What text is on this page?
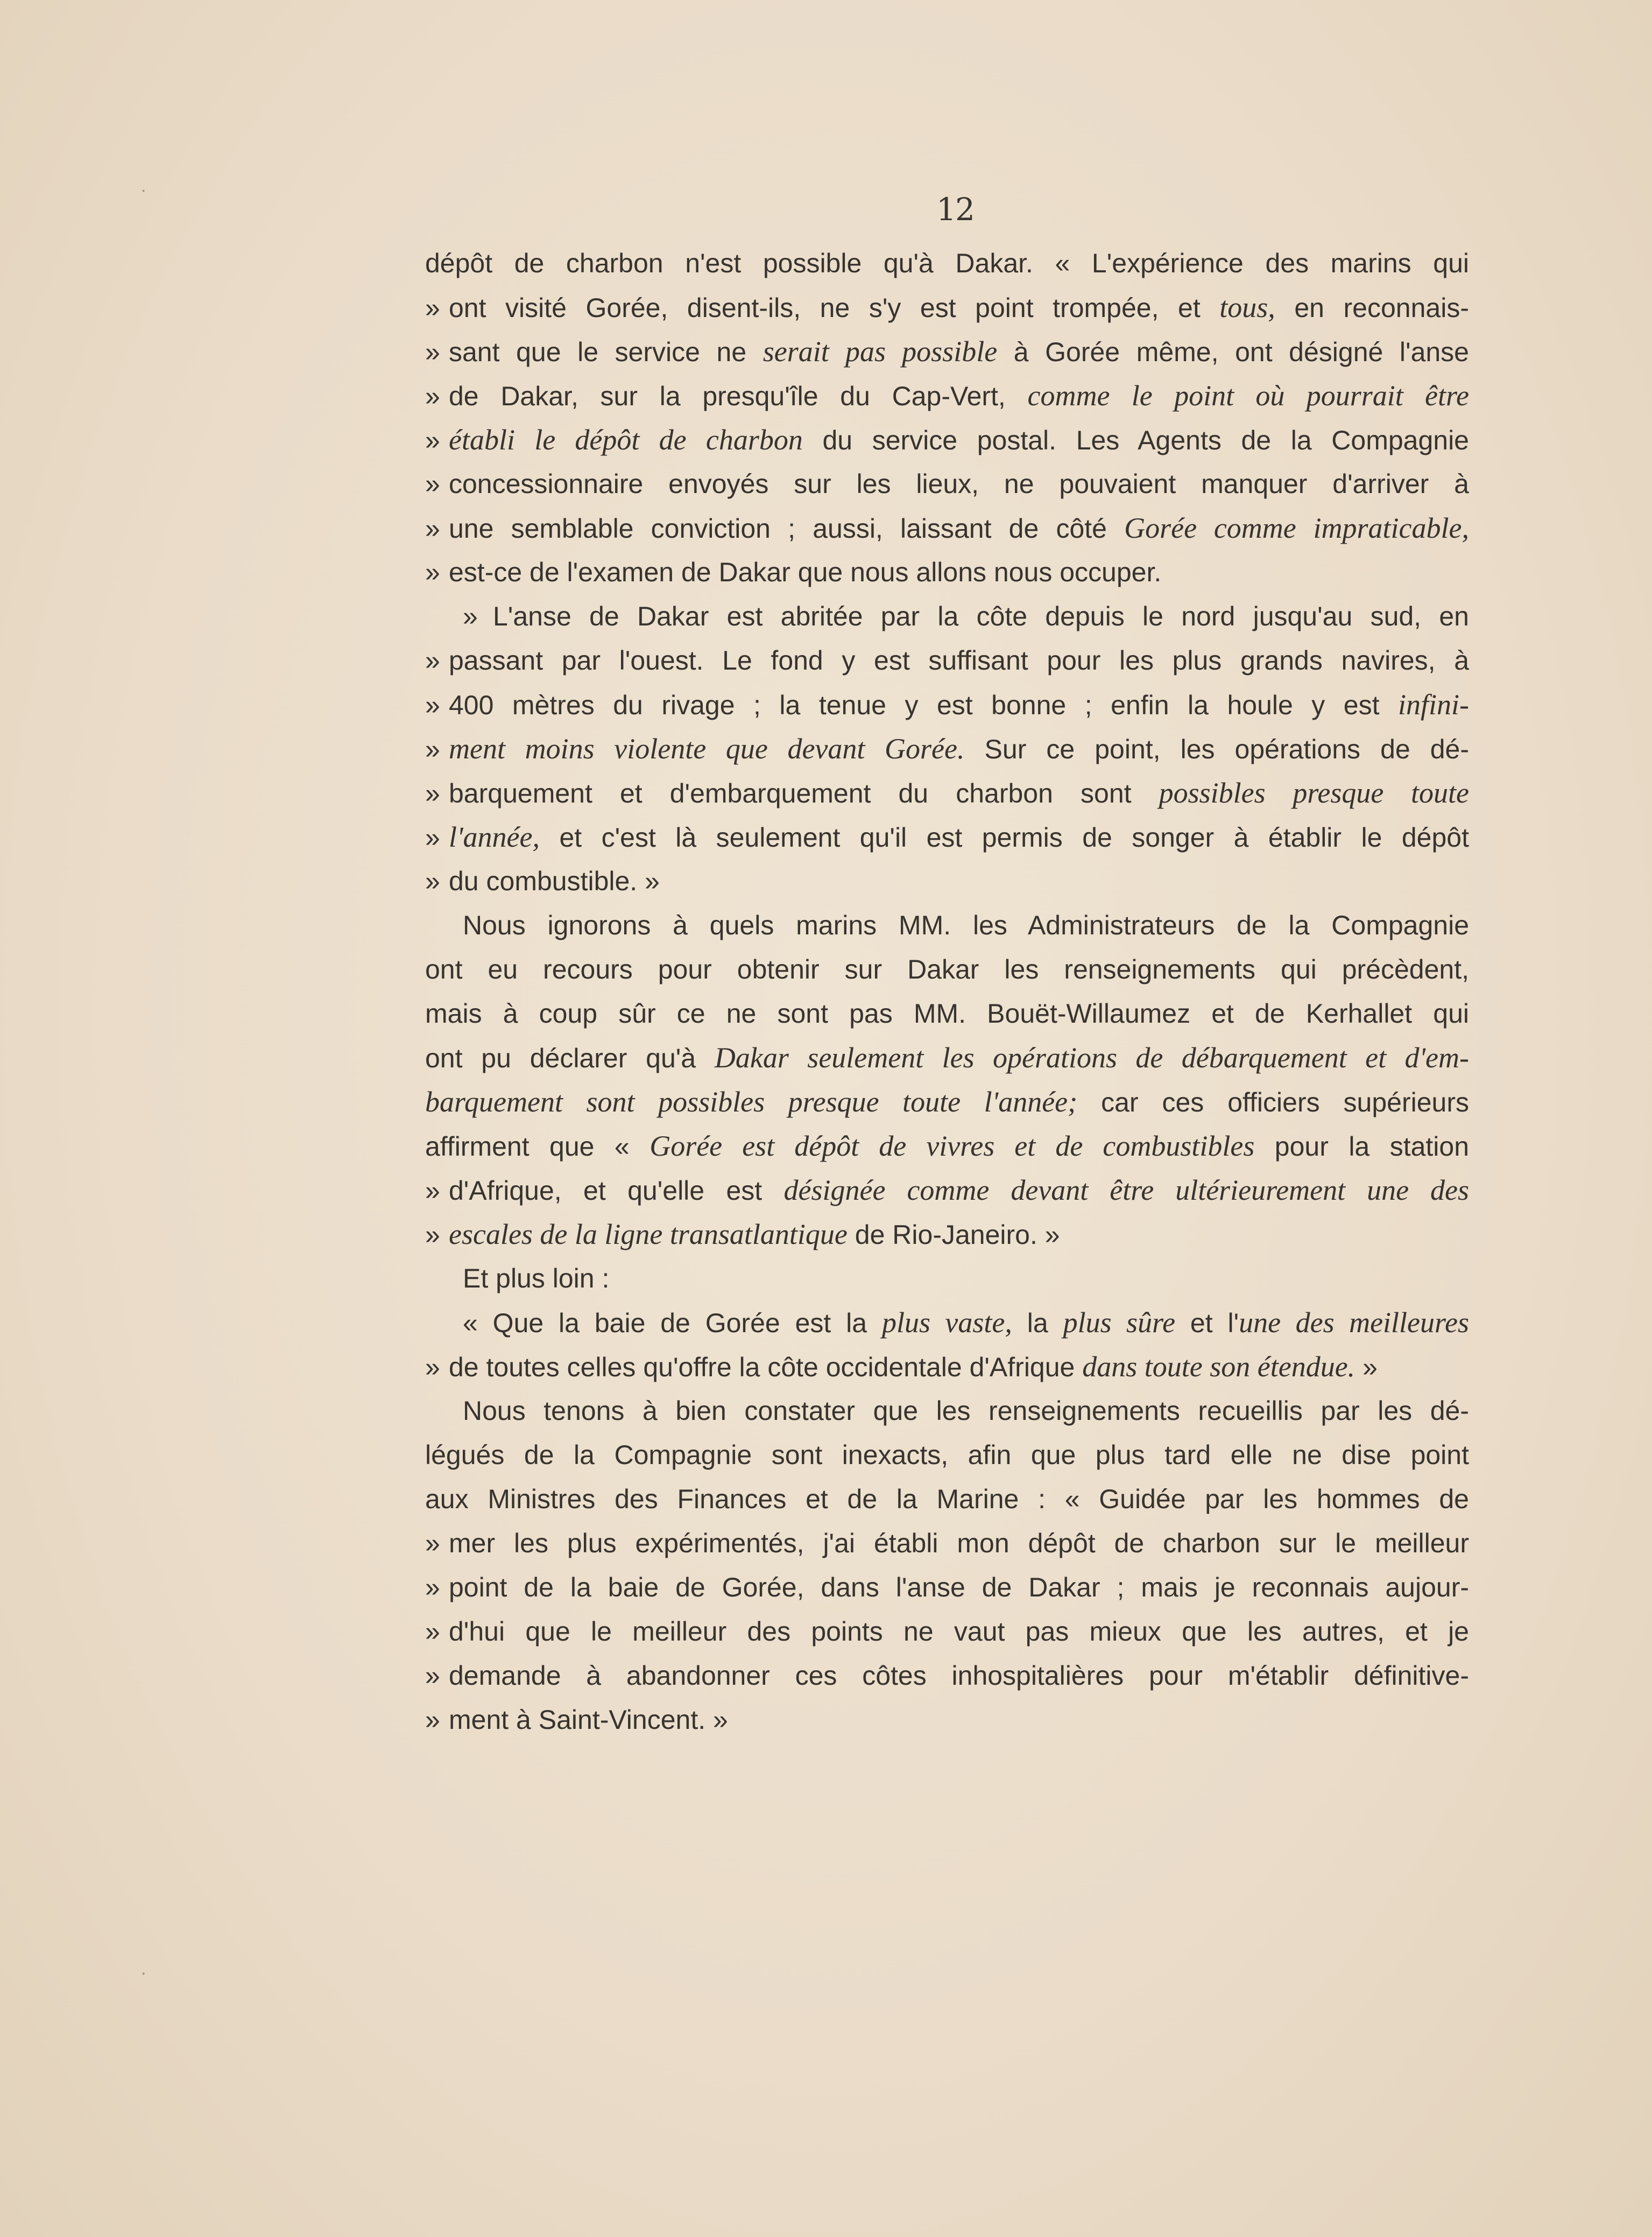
12
dépôt de charbon n'est possible qu'à Dakar. « L'expérience des marins qui
» ont visité Gorée, disent-ils, ne s'y est point trompée, et tous, en reconnais-
» sant que le service ne serait pas possible à Gorée même, ont désigné l'anse
» de Dakar, sur la presqu'île du Cap-Vert, comme le point où pourrait être
» établi le dépôt de charbon du service postal. Les Agents de la Compagnie
» concessionnaire envoyés sur les lieux, ne pouvaient manquer d'arriver à
» une semblable conviction ; aussi, laissant de côté Gorée comme impraticable,
» est-ce de l'examen de Dakar que nous allons nous occuper.
» L'anse de Dakar est abritée par la côte depuis le nord jusqu'au sud, en
» passant par l'ouest. Le fond y est suffisant pour les plus grands navires, à
» 400 mètres du rivage ; la tenue y est bonne ; enfin la houle y est infini-
» ment moins violente que devant Gorée. Sur ce point, les opérations de dé-
» barquement et d'embarquement du charbon sont possibles presque toute
» l'année, et c'est là seulement qu'il est permis de songer à établir le dépôt
» du combustible. »
Nous ignorons à quels marins MM. les Administrateurs de la Compagnie
ont eu recours pour obtenir sur Dakar les renseignements qui précèdent,
mais à coup sûr ce ne sont pas MM. Bouët-Willaumez et de Kerhallet qui
ont pu déclarer qu'à Dakar seulement les opérations de débarquement et d'em-
barquement sont possibles presque toute l'année; car ces officiers supérieurs
affirment que « Gorée est dépôt de vivres et de combustibles pour la station
» d'Afrique, et qu'elle est désignée comme devant être ultérieurement une des
» escales de la ligne transatlantique de Rio-Janeiro. »
Et plus loin :
« Que la baie de Gorée est la plus vaste, la plus sûre et l'une des meilleures
» de toutes celles qu'offre la côte occidentale d'Afrique dans toute son étendue. »
Nous tenons à bien constater que les renseignements recueillis par les dé-
légués de la Compagnie sont inexacts, afin que plus tard elle ne dise point
aux Ministres des Finances et de la Marine : « Guidée par les hommes de
» mer les plus expérimentés, j'ai établi mon dépôt de charbon sur le meilleur
» point de la baie de Gorée, dans l'anse de Dakar ; mais je reconnais aujour-
» d'hui que le meilleur des points ne vaut pas mieux que les autres, et je
» demande à abandonner ces côtes inhospitalières pour m'établir définitive-
» ment à Saint-Vincent. »
·
·
